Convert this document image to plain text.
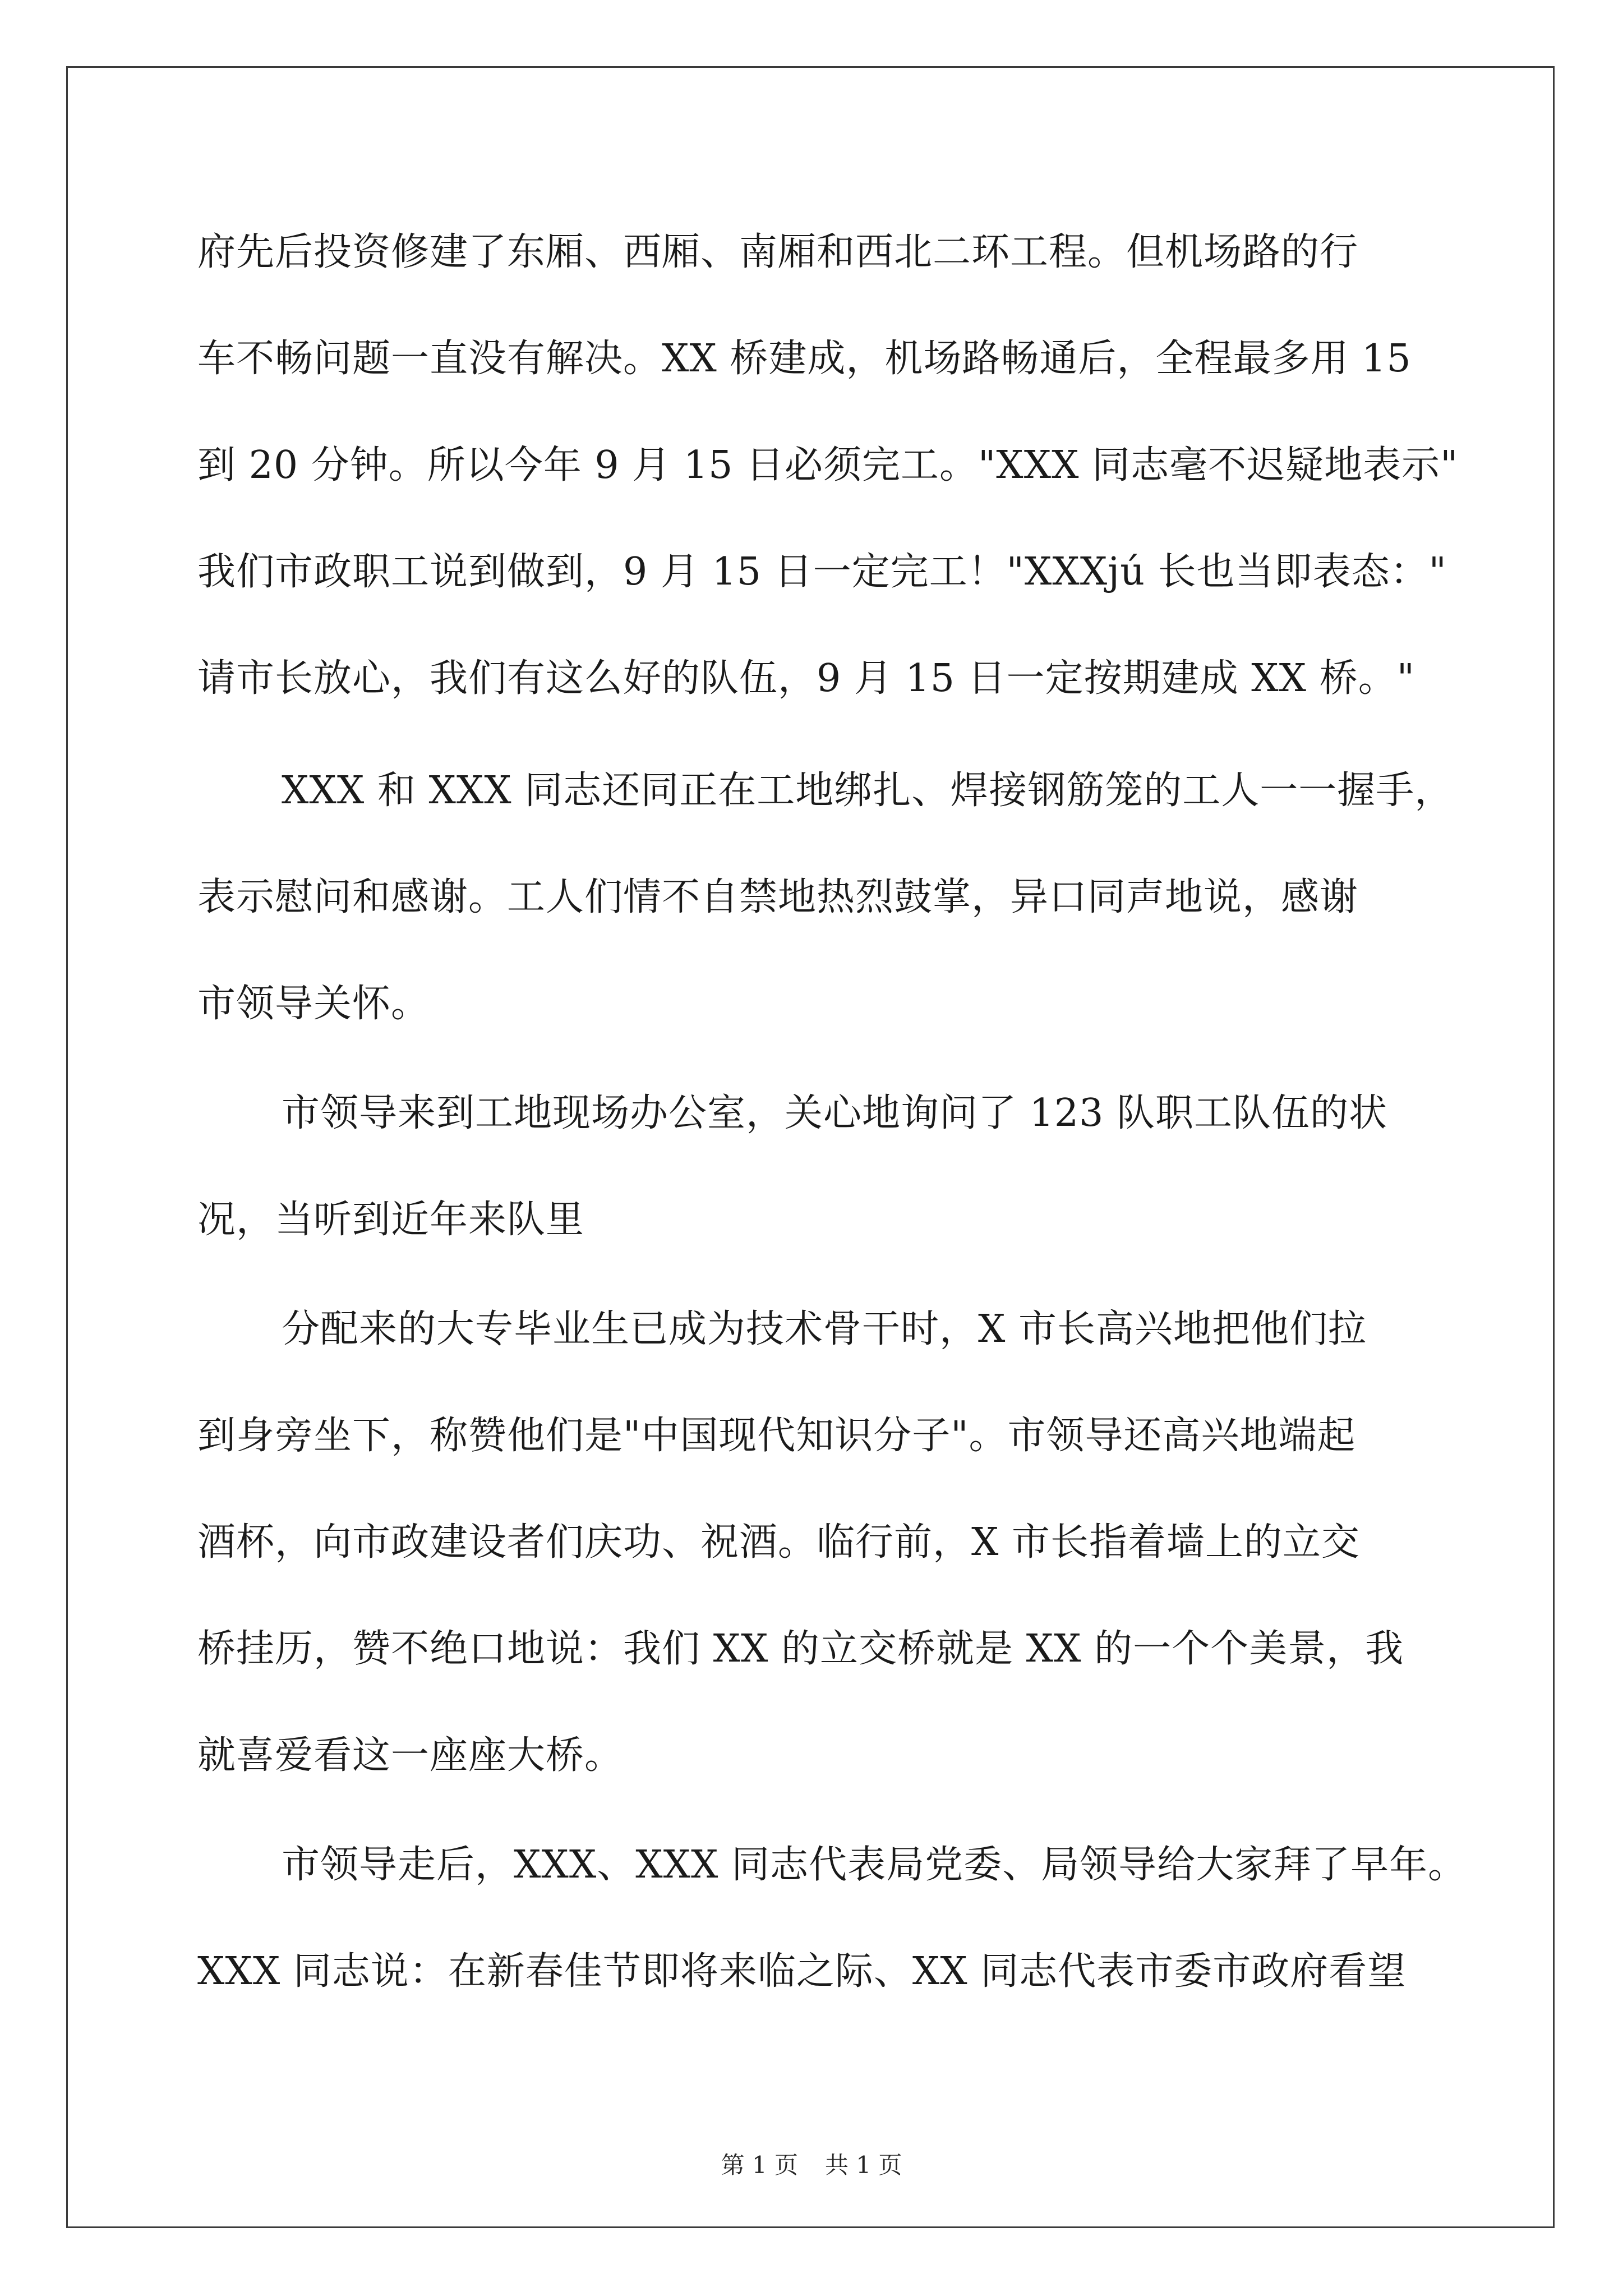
府先后投资修建了东厢、西厢、南厢和西北二环工程。但机场路的行
车不畅问题一直没有解决。XX 桥建成，机场路畅通后，全程最多用 15
到 20 分钟。所以今年 9 月 15 日必须完工。"XXX 同志毫不迟疑地表示"
我们市政职工说到做到，9 月 15 日一定完工！"XXXjú 长也当即表态："
请市长放心，我们有这么好的队伍，9 月 15 日一定按期建成 XX 桥。"
XXX 和 XXX 同志还同正在工地绑扎、焊接钢筋笼的工人一一握手，
表示慰问和感谢。工人们情不自禁地热烈鼓掌，异口同声地说，感谢
市领导关怀。
市领导来到工地现场办公室，关心地询问了 123 队职工队伍的状
况，当听到近年来队里
分配来的大专毕业生已成为技术骨干时，X 市长高兴地把他们拉
到身旁坐下，称赞他们是"中国现代知识分子"。市领导还高兴地端起
酒杯，向市政建设者们庆功、祝酒。临行前，X 市长指着墙上的立交
桥挂历，赞不绝口地说：我们 XX 的立交桥就是 XX 的一个个美景，我
就喜爱看这一座座大桥。
市领导走后，XXX、XXX 同志代表局党委、局领导给大家拜了早年。
XXX 同志说：在新春佳节即将来临之际、XX 同志代表市委市政府看望
第 1 页 共 1 页
